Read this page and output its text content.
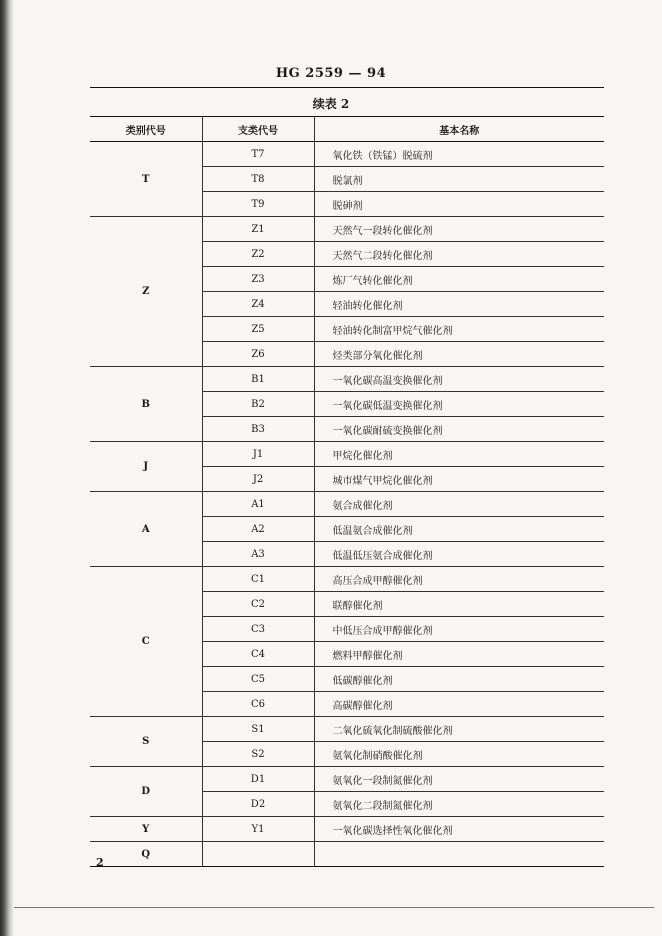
HG 2559 — 94
续表 2
类别代号	支类代号	基本名称
T	T7	氧化铁（铁锰）脱硫剂
	T8	脱氯剂
	T9	脱砷剂
Z	Z1	天然气一段转化催化剂
	Z2	天然气二段转化催化剂
	Z3	炼厂气转化催化剂
	Z4	轻油转化催化剂
	Z5	轻油转化制富甲烷气催化剂
	Z6	烃类部分氧化催化剂
B	B1	一氧化碳高温变换催化剂
	B2	一氧化碳低温变换催化剂
	B3	一氧化碳耐硫变换催化剂
J	J1	甲烷化催化剂
	J2	城市煤气甲烷化催化剂
A	A1	氨合成催化剂
	A2	低温氨合成催化剂
	A3	低温低压氨合成催化剂
C	C1	高压合成甲醇催化剂
	C2	联醇催化剂
	C3	中低压合成甲醇催化剂
	C4	燃料甲醇催化剂
	C5	低碳醇催化剂
	C6	高碳醇催化剂
S	S1	二氧化硫氧化制硫酸催化剂
	S2	氨氧化制硝酸催化剂
D	D1	氨氧化一段制氮催化剂
	D2	氨氧化二段制氮催化剂
Y	Y1	一氧化碳选择性氧化催化剂
Q		
2
